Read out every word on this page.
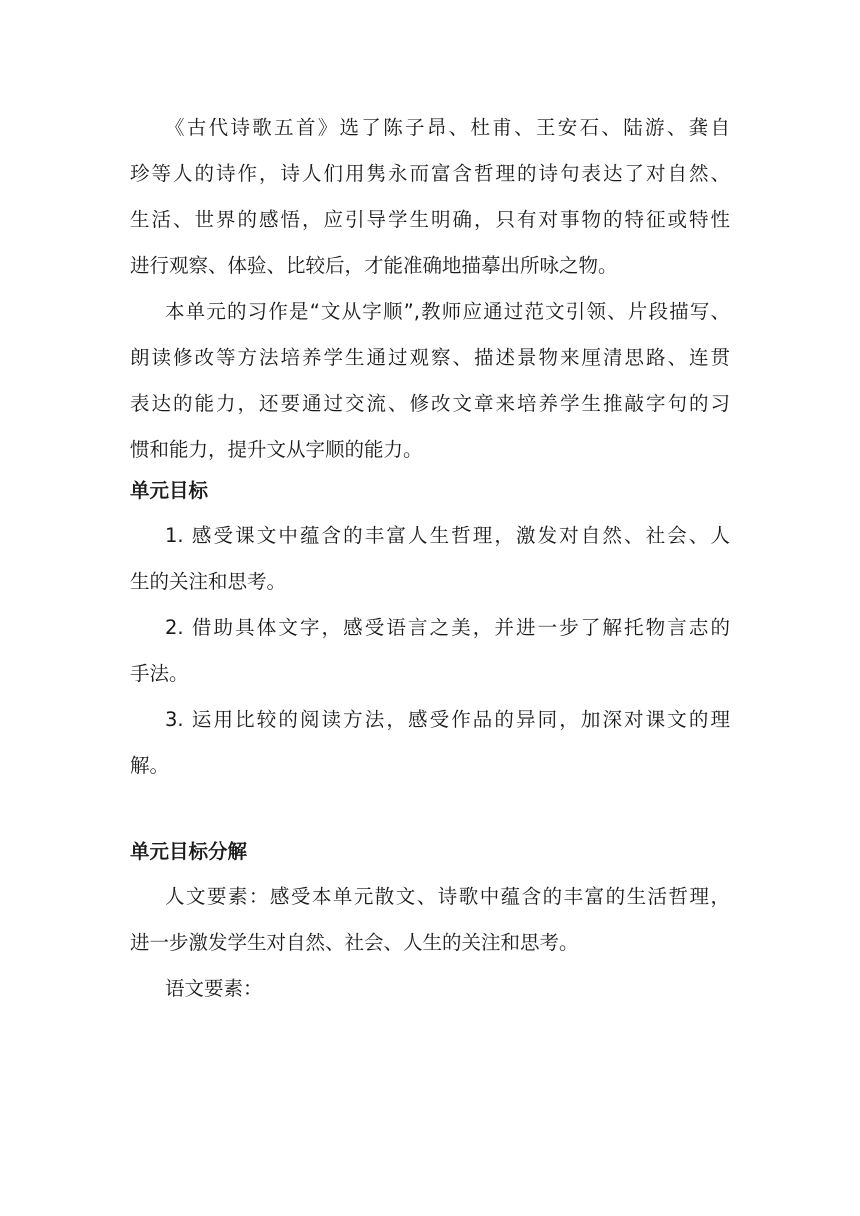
《古代诗歌五首》选了陈子昂、杜甫、王安石、陆游、龚自
珍等人的诗作，诗人们用隽永而富含哲理的诗句表达了对自然、
生活、世界的感悟，应引导学生明确，只有对事物的特征或特性
进行观察、体验、比较后，才能准确地描摹出所咏之物。
本单元的习作是“文从字顺”,教师应通过范文引领、片段描写、
朗读修改等方法培养学生通过观察、描述景物来厘清思路、连贯
表达的能力，还要通过交流、修改文章来培养学生推敲字句的习
惯和能力，提升文从字顺的能力。
单元目标
1. 感受课文中蕴含的丰富人生哲理，激发对自然、社会、人
生的关注和思考。
2. 借助具体文字，感受语言之美，并进一步了解托物言志的
手法。
3. 运用比较的阅读方法，感受作品的异同，加深对课文的理
解。
单元目标分解
人文要素：感受本单元散文、诗歌中蕴含的丰富的生活哲理，
进一步激发学生对自然、社会、人生的关注和思考。
语文要素：
